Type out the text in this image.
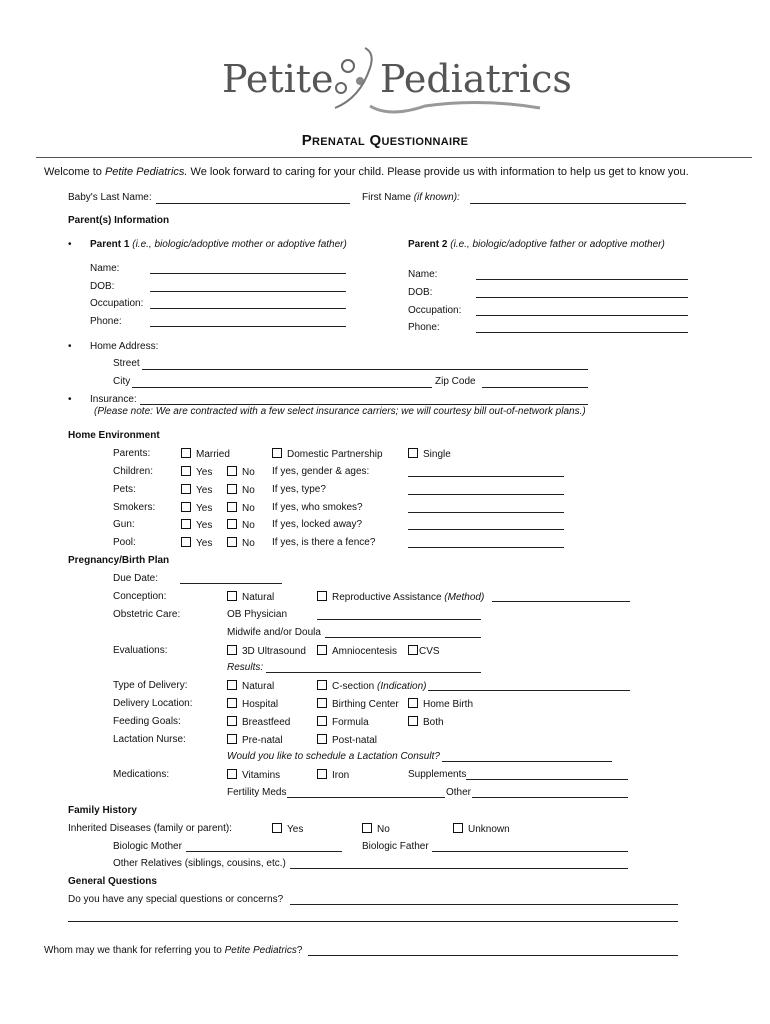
Petite Pediatrics
Prenatal Questionnaire
Welcome to Petite Pediatrics. We look forward to caring for your child. Please provide us with information to help us get to know you.
Baby's Last Name:	First Name (if known):
Parent(s) Information
• Parent 1 (i.e., biologic/adoptive mother or adoptive father)	Parent 2 (i.e., biologic/adoptive father or adoptive mother)
Name:
DOB:
Occupation:
Phone:
Name:
DOB:
Occupation:
Phone:
• Home Address:
Street
City	Zip Code
• Insurance:
(Please note: We are contracted with a few select insurance carriers; we will courtesy bill out-of-network plans.)
Home Environment
Parents:	Married	Domestic Partnership	Single
Children:	Yes	No If yes, gender & ages:
Pets:	Yes	No If yes, type?
Smokers:	Yes	No If yes, who smokes?
Gun:	Yes	No If yes, locked away?
Pool:	Yes	No If yes, is there a fence?
Pregnancy/Birth Plan
Due Date:
Conception:	Natural	Reproductive Assistance (Method)
Obstetric Care:	OB Physician
Midwife and/or Doula
Evaluations:	3D Ultrasound	Amniocentesis	CVS
Results:
Type of Delivery:	Natural	C-section (Indication)
Delivery Location:	Hospital	Birthing Center	Home Birth
Feeding Goals:	Breastfeed	Formula	Both
Lactation Nurse:	Pre-natal	Post-natal
Would you like to schedule a Lactation Consult?
Medications:	Vitamins	Iron	Supplements
Fertility Meds	Other
Family History
Inherited Diseases (family or parent):	Yes	No	Unknown
Biologic Mother	Biologic Father
Other Relatives (siblings, cousins, etc.)
General Questions
Do you have any special questions or concerns?
Whom may we thank for referring you to Petite Pediatrics?
